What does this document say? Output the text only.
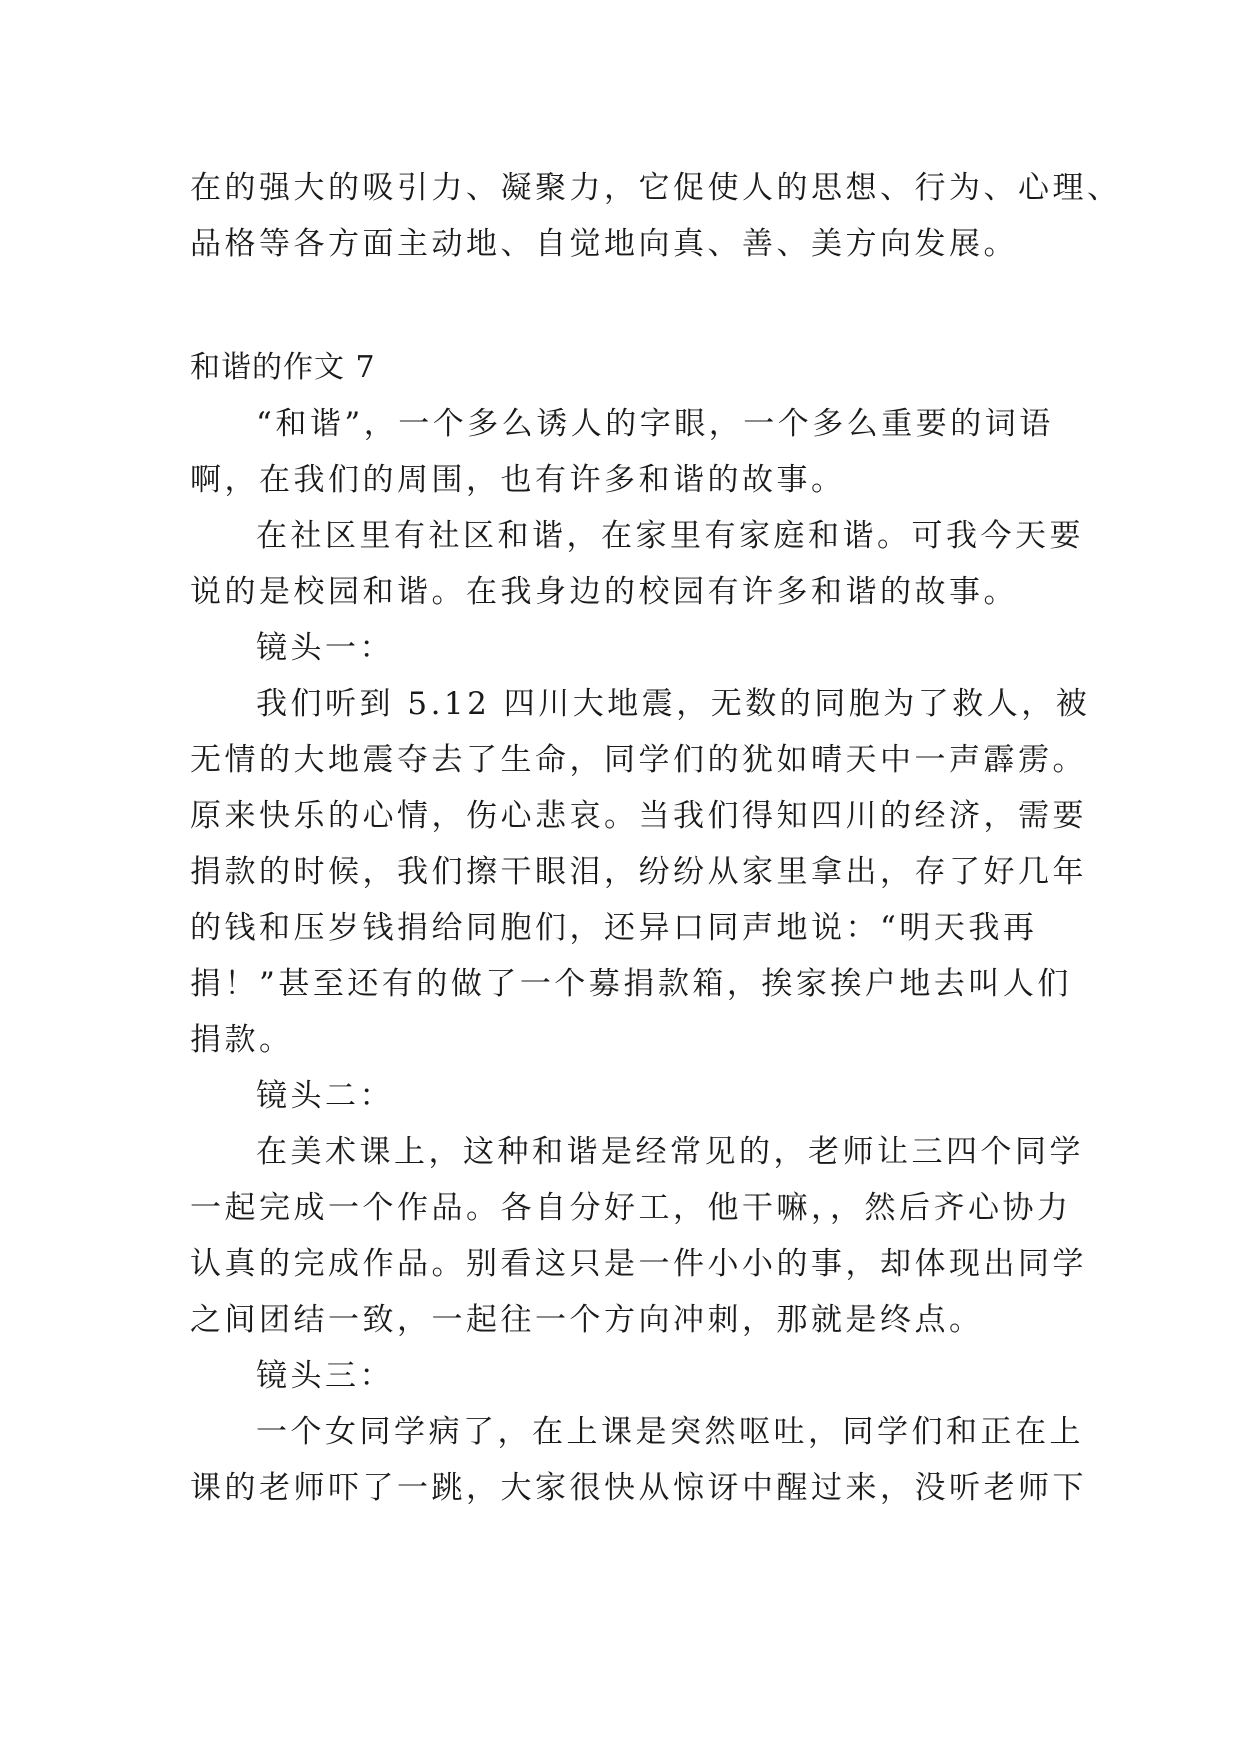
在的强大的吸引力、凝聚力，它促使人的思想、行为、心理、
品格等各方面主动地、自觉地向真、善、美方向发展。
和谐的作文 7
“和谐”，一个多么诱人的字眼，一个多么重要的词语
啊，在我们的周围，也有许多和谐的故事。
在社区里有社区和谐，在家里有家庭和谐。可我今天要
说的是校园和谐。在我身边的校园有许多和谐的故事。
镜头一：
我们听到 5.12 四川大地震，无数的同胞为了救人，被
无情的大地震夺去了生命，同学们的犹如晴天中一声霹雳。
原来快乐的心情，伤心悲哀。当我们得知四川的经济，需要
捐款的时候，我们擦干眼泪，纷纷从家里拿出，存了好几年
的钱和压岁钱捐给同胞们，还异口同声地说：“明天我再
捐！”甚至还有的做了一个募捐款箱，挨家挨户地去叫人们
捐款。
镜头二：
在美术课上，这种和谐是经常见的，老师让三四个同学
一起完成一个作品。各自分好工，他干嘛，，然后齐心协力
认真的完成作品。别看这只是一件小小的事，却体现出同学
之间团结一致，一起往一个方向冲刺，那就是终点。
镜头三：
一个女同学病了，在上课是突然呕吐，同学们和正在上
课的老师吓了一跳，大家很快从惊讶中醒过来，没听老师下
